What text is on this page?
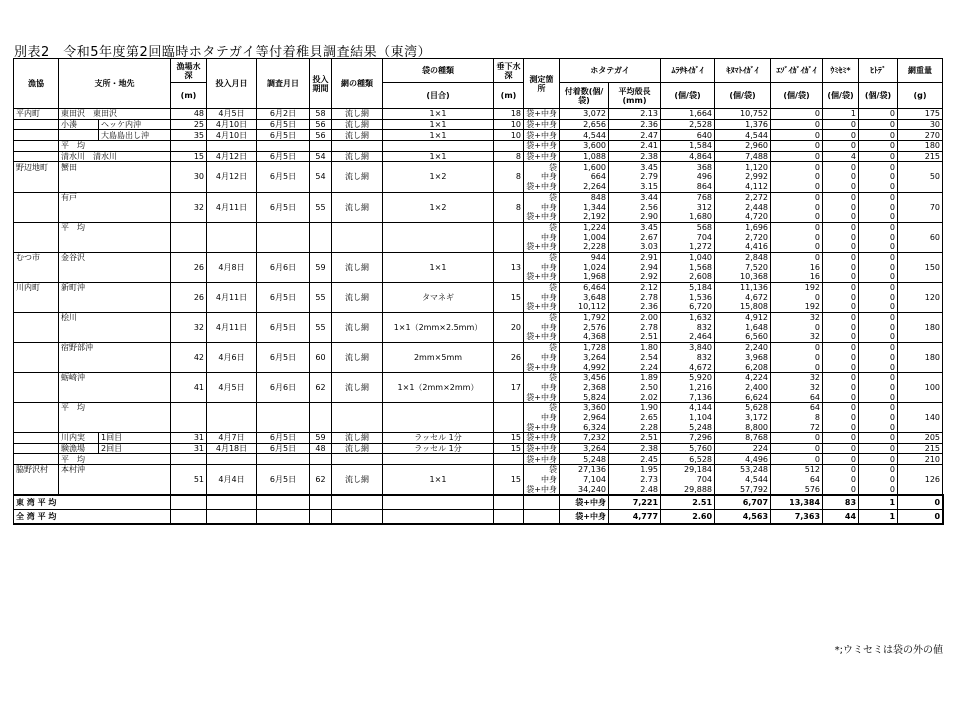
別表2　令和5年度第2回臨時ホタテガイ等付着稚貝調査結果（東湾）
漁協	支所・地先		漁場水深	投入月日	調査月日	投入期間	網の種類	袋の種類	垂下水深	測定箇所	ホタテガイ		ﾑﾗｻｷｲｶﾞｲ	ｷﾇﾏﾄｲｶﾞｲ	ｴｿﾞｲｶﾞｲｶﾞｲ	ｳﾐｾﾐ*	ﾋﾄﾃﾞ	網重量	
			(m)					(目合)	(m)		付着数(個/袋)	平均殻長(mm)	(個/袋)	(個/袋)	(個/袋)	(個/袋)	(個/袋)	(g)	
平内町	東田沢　東田沢		48	4月5日	6月2日	58	流し網	1×1	18	袋+中身	3,072	2.13	1,664	10,752	0	1	0	175	
	小湊	ヘッケ内沖	25	4月10日	6月5日	56	流し網	1×1	10	袋+中身	2,656	2.36	2,528	1,376	0	0	0	30	
		大島島出し沖	35	4月10日	6月5日	56	流し網	1×1	10	袋+中身	4,544	2.47	640	4,544	0	0	0	270	
	平　均									袋+中身	3,600	2.41	1,584	2,960	0	0	0	180	
	清水川　清水川		15	4月12日	6月5日	54	流し網	1×1	8	袋+中身	1,088	2.38	4,864	7,488	0	4	0	215	
野辺地町	蟹田									袋	1,600	3.45	368	1,120	0	0	0		
			30	4月12日	6月5日	54	流し網	1×2	8	中身	664	2.79	496	2,992	0	0	0	50	
										袋+中身	2,264	3.15	864	4,112	0	0	0		
	有戸									袋	848	3.44	768	2,272	0	0	0		
			32	4月11日	6月5日	55	流し網	1×2	8	中身	1,344	2.56	312	2,448	0	0	0	70	
										袋+中身	2,192	2.90	1,680	4,720	0	0	0		
	平　均									袋	1,224	3.45	568	1,696	0	0	0		
										中身	1,004	2.67	704	2,720	0	0	0	60	
										袋+中身	2,228	3.03	1,272	4,416	0	0	0		
むつ市	金谷沢									袋	944	2.91	1,040	2,848	0	0	0		
			26	4月8日	6月6日	59	流し網	1×1	13	中身	1,024	2.94	1,568	7,520	16	0	0	150	
										袋+中身	1,968	2.92	2,608	10,368	16	0	0		
川内町	新町沖									袋	6,464	2.12	5,184	11,136	192	0	0		
			26	4月11日	6月5日	55	流し網	タマネギ	15	中身	3,648	2.78	1,536	4,672	0	0	0	120	
										袋+中身	10,112	2.36	6,720	15,808	192	0	0		
	桧川									袋	1,792	2.00	1,632	4,912	32	0	0		
			32	4月11日	6月5日	55	流し網	1×1（2mm×2.5mm）	20	中身	2,576	2.78	832	1,648	0	0	0	180	
										袋+中身	4,368	2.51	2,464	6,560	32	0	0		
	宿野部沖									袋	1,728	1.80	3,840	2,240	0	0	0		
			42	4月6日	6月5日	60	流し網	2mm×5mm	26	中身	3,264	2.54	832	3,968	0	0	0	180	
										袋+中身	4,992	2.24	4,672	6,208	0	0	0		
	蛎崎沖									袋	3,456	1.89	5,920	4,224	32	0	0		
			41	4月5日	6月6日	62	流し網	1×1（2mm×2mm）	17	中身	2,368	2.50	1,216	2,400	32	0	0	100	
										袋+中身	5,824	2.02	7,136	6,624	64	0	0		
	平　均									袋	3,360	1.90	4,144	5,628	64	0	0		
										中身	2,964	2.65	1,104	3,172	8	0	0	140	
										袋+中身	6,324	2.28	5,248	8,800	72	0	0		
	川内実	1回目	31	4月7日	6月5日	59	流し網	ラッセル 1分	15	袋+中身	7,232	2.51	7,296	8,768	0	0	0	205	
	験漁場	2回目	31	4月18日	6月5日	48	流し網	ラッセル 1分	15	袋+中身	3,264	2.38	5,760	224	0	0	0	215	
	平　均									袋+中身	5,248	2.45	6,528	4,496	0	0	0	210	
脇野沢村	本村沖									袋	27,136	1.95	29,184	53,248	512	0	0		
			51	4月4日	6月5日	62	流し網	1×1	15	中身	7,104	2.73	704	4,544	64	0	0	126	
										袋+中身	34,240	2.48	29,888	57,792	576	0	0		
東 湾 平 均											袋+中身	7,221	2.51	6,707	13,384	83	1	0	
全 湾 平 均											袋+中身	4,777	2.60	4,563	7,363	44	1	0	
*;ウミセミは袋の外の値
